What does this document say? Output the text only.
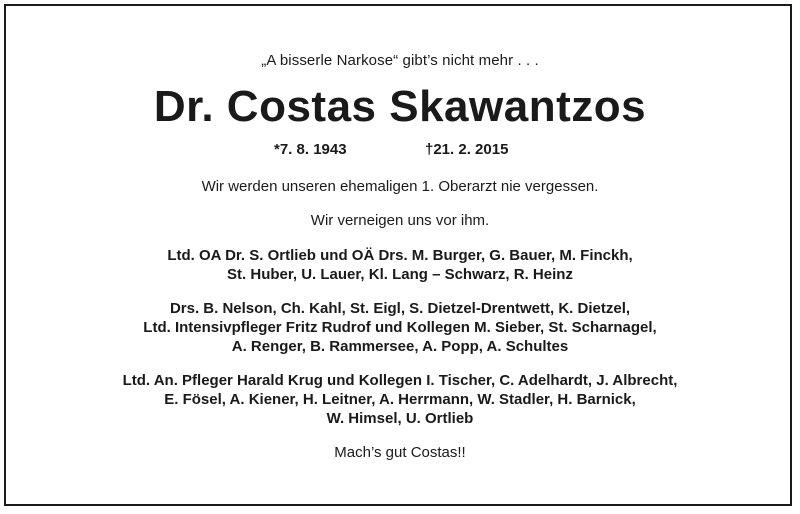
„A bisserle Narkose“ gibt’s nicht mehr . . .
Dr. Costas Skawantzos
*7. 8. 1943	†21. 2. 2015
Wir werden unseren ehemaligen 1. Oberarzt nie vergessen.
Wir verneigen uns vor ihm.
Ltd. OA Dr. S. Ortlieb und OÄ Drs. M. Burger, G. Bauer, M. Finckh,
St. Huber, U. Lauer, Kl. Lang – Schwarz, R. Heinz
Drs. B. Nelson, Ch. Kahl, St. Eigl, S. Dietzel-Drentwett, K. Dietzel,
Ltd. Intensivpfleger Fritz Rudrof und Kollegen M. Sieber, St. Scharnagel,
A. Renger, B. Rammersee, A. Popp, A. Schultes
Ltd. An. Pfleger Harald Krug und Kollegen I. Tischer, C. Adelhardt, J. Albrecht,
E. Fösel, A. Kiener, H. Leitner, A. Herrmann, W. Stadler, H. Barnick,
W. Himsel, U. Ortlieb
Mach’s gut Costas!!
